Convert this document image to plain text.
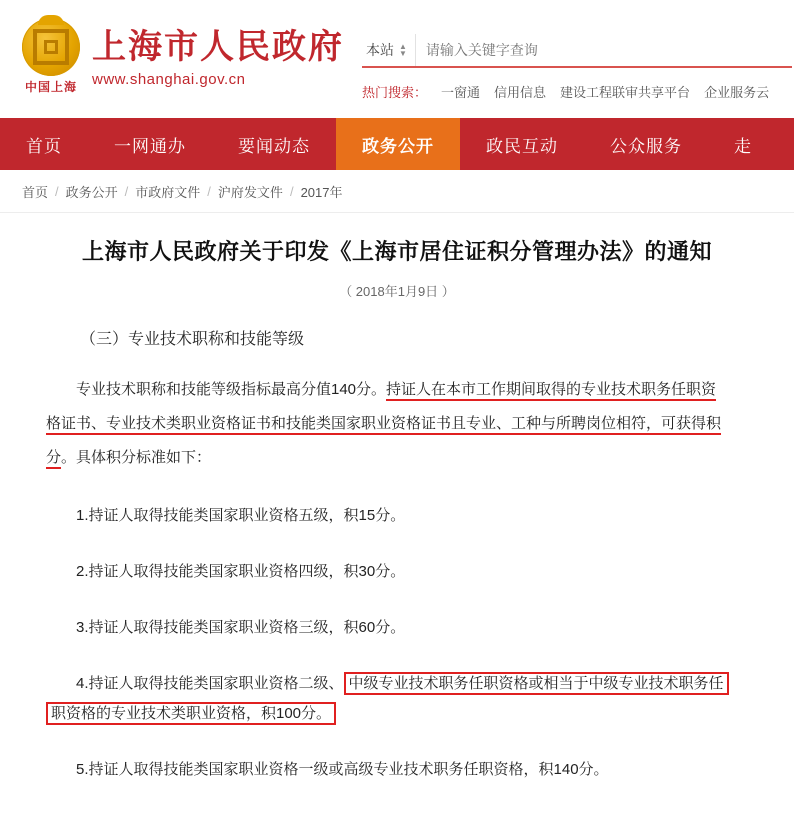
中国上海
上海市人民政府
www.shanghai.gov.cn
本站 ▲
▼
请输入关键字查询
热门搜索： 一窗通 信用信息 建设工程联审共享平台 企业服务云
首页	一网通办	要闻动态	政务公开	政民互动	公众服务	走
首页 / 政务公开 / 市政府文件 / 沪府发文件 / 2017年
上海市人民政府关于印发《上海市居住证积分管理办法》的通知
（ 2018年1月9日 ）
（三）专业技术职称和技能等级
专业技术职称和技能等级指标最高分值140分。持证人在本市工作期间取得的专业技术职务任职资
格证书、专业技术类职业资格证书和技能类国家职业资格证书且专业、工种与所聘岗位相符，可获得积
分。具体积分标准如下：
1.持证人取得技能类国家职业资格五级，积15分。
2.持证人取得技能类国家职业资格四级，积30分。
3.持证人取得技能类国家职业资格三级，积60分。
4.持证人取得技能类国家职业资格二级、 中级专业技术职务任职资格或相当于中级专业技术职务任
职资格的专业技术类职业资格，积100分。
5.持证人取得技能类国家职业资格一级或高级专业技术职务任职资格，积140分。
